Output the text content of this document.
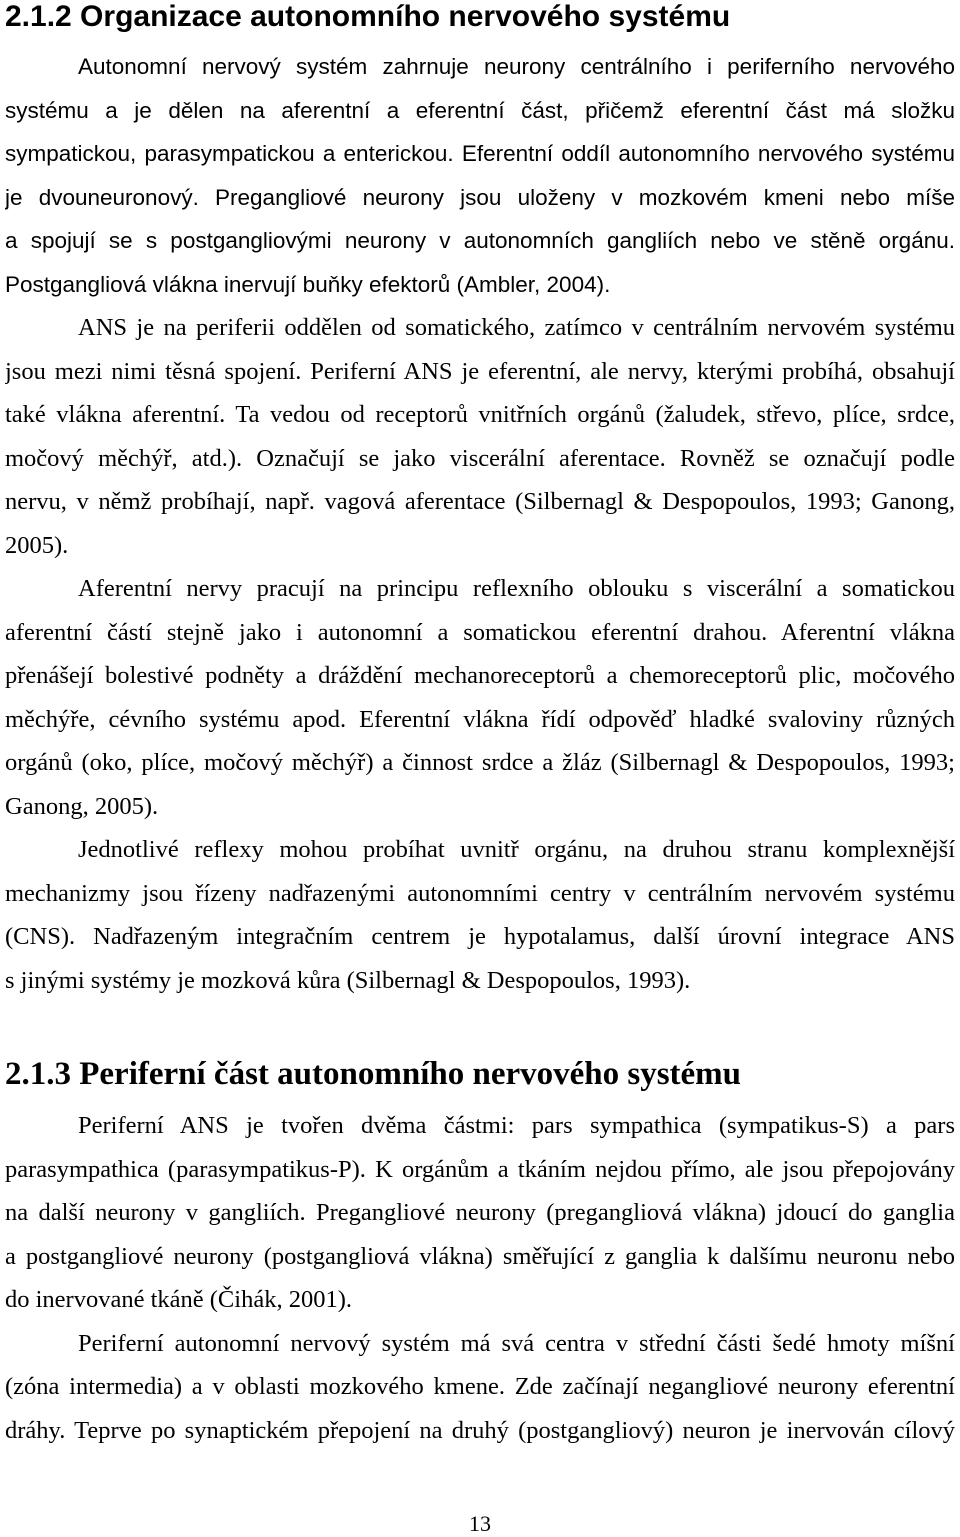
2.1.2 Organizace autonomního nervového systému
Autonomní nervový systém zahrnuje neurony centrálního i periferního nervového
systému a je dělen na aferentní a eferentní část, přičemž eferentní část má složku
sympatickou, parasympatickou a enterickou. Eferentní oddíl autonomního nervového systému
je dvouneuronový. Pregangliové neurony jsou uloženy v mozkovém kmeni nebo míše
a spojují se s postgangliovými neurony v autonomních gangliích nebo ve stěně orgánu.
Postgangliová vlákna inervují buňky efektorů (Ambler, 2004).
ANS je na periferii oddělen od somatického, zatímco v centrálním nervovém systému
jsou mezi nimi těsná spojení. Periferní ANS je eferentní, ale nervy, kterými probíhá, obsahují
také vlákna aferentní. Ta vedou od receptorů vnitřních orgánů (žaludek, střevo, plíce, srdce,
močový měchýř, atd.). Označují se jako viscerální aferentace. Rovněž se označují podle
nervu, v němž probíhají, např. vagová aferentace (Silbernagl & Despopoulos, 1993; Ganong,
2005).
Aferentní nervy pracují na principu reflexního oblouku s viscerální a somatickou
aferentní částí stejně jako i autonomní a somatickou eferentní drahou. Aferentní vlákna
přenášejí bolestivé podněty a dráždění mechanoreceptorů a chemoreceptorů plic, močového
měchýře, cévního systému apod. Eferentní vlákna řídí odpověď hladké svaloviny různých
orgánů (oko, plíce, močový měchýř) a činnost srdce a žláz (Silbernagl & Despopoulos, 1993;
Ganong, 2005).
Jednotlivé reflexy mohou probíhat uvnitř orgánu, na druhou stranu komplexnější
mechanizmy jsou řízeny nadřazenými autonomními centry v centrálním nervovém systému
(CNS). Nadřazeným integračním centrem je hypotalamus, další úrovní integrace ANS
s jinými systémy je mozková kůra (Silbernagl & Despopoulos, 1993).
2.1.3 Periferní část autonomního nervového systému
Periferní ANS je tvořen dvěma částmi: pars sympathica (sympatikus-S) a pars
parasympathica (parasympatikus-P). K orgánům a tkáním nejdou přímo, ale jsou přepojovány
na další neurony v gangliích. Pregangliové neurony (pregangliová vlákna) jdoucí do ganglia
a postgangliové neurony (postgangliová vlákna) směřující z ganglia k dalšímu neuronu nebo
do inervované tkáně (Čihák, 2001).
Periferní autonomní nervový systém má svá centra v střední části šedé hmoty míšní
(zóna intermedia) a v oblasti mozkového kmene. Zde začínají negangliové neurony eferentní
dráhy. Teprve po synaptickém přepojení na druhý (postgangliový) neuron je inervován cílový
13
